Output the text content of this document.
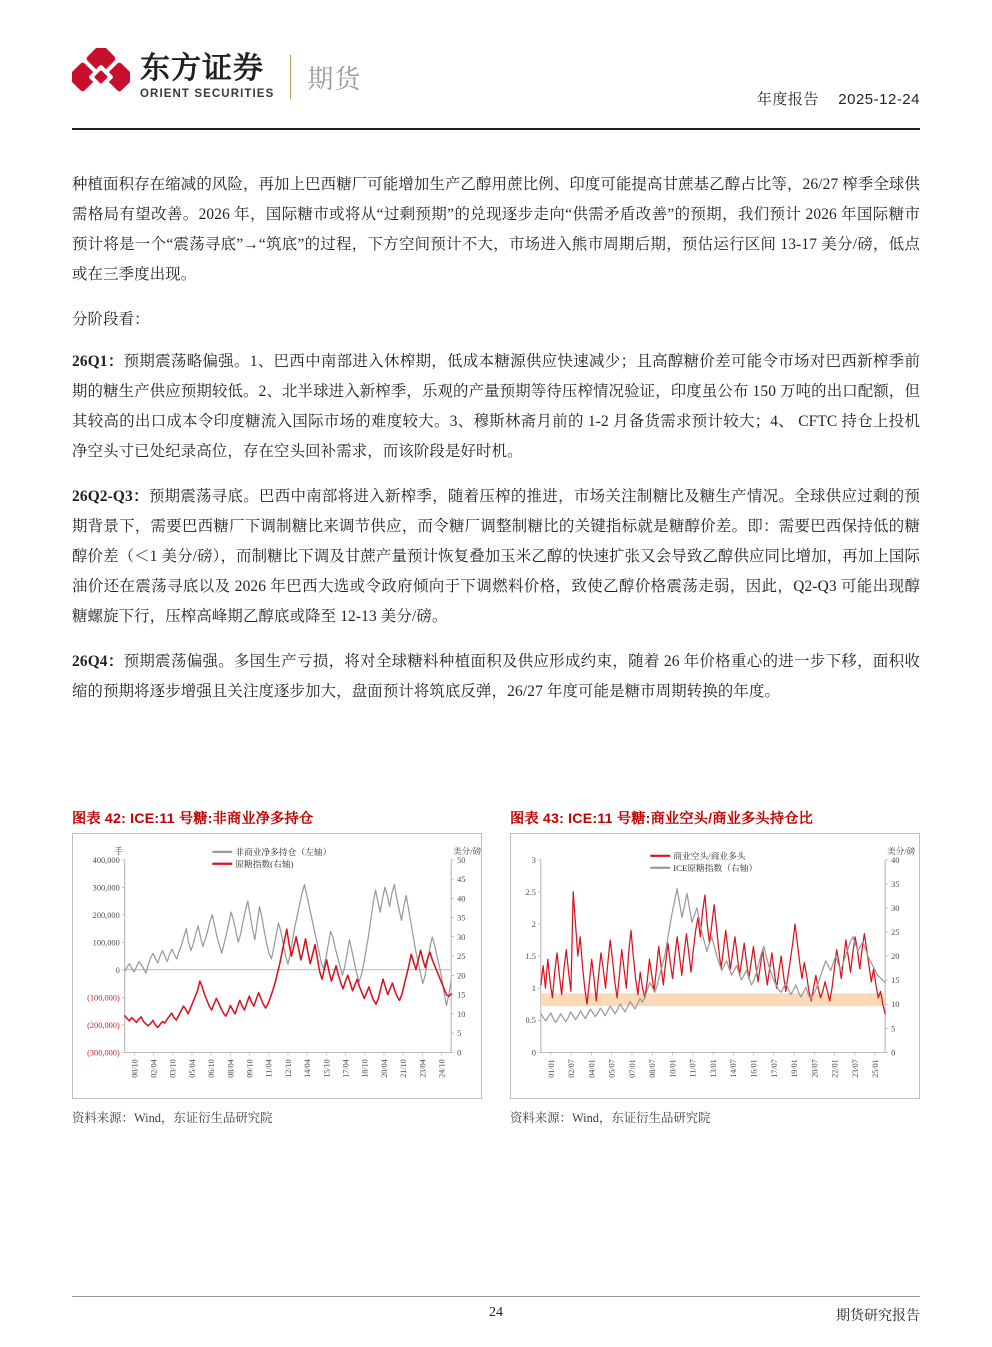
东方证券
ORIENT SECURITIES
期货
年度报告 2025-12-24

种植面积存在缩减的风险，再加上巴西糖厂可能增加生产乙醇用蔗比例、印度可能提高甘蔗基乙醇占比等，26/27 榨季全球供需格局有望改善。2026 年，国际糖市或将从“过剩预期”的兑现逐步走向“供需矛盾改善”的预期，我们预计 2026 年国际糖市预计将是一个“震荡寻底”→“筑底”的过程，下方空间预计不大，市场进入熊市周期后期，预估运行区间 13-17 美分/磅，低点或在三季度出现。

分阶段看：

26Q1：预期震荡略偏强。1、巴西中南部进入休榨期，低成本糖源供应快速减少；且高醇糖价差可能令市场对巴西新榨季前期的糖生产供应预期较低。2、北半球进入新榨季，乐观的产量预期等待压榨情况验证，印度虽公布 150 万吨的出口配额，但其较高的出口成本令印度糖流入国际市场的难度较大。3、穆斯林斋月前的 1-2 月备货需求预计较大；4、 CFTC 持仓上投机净空头寸已处纪录高位，存在空头回补需求，而该阶段是好时机。

26Q2-Q3：预期震荡寻底。巴西中南部将进入新榨季，随着压榨的推进，市场关注制糖比及糖生产情况。全球供应过剩的预期背景下，需要巴西糖厂下调制糖比来调节供应，而令糖厂调整制糖比的关键指标就是糖醇价差。即：需要巴西保持低的糖醇价差（＜1 美分/磅），而制糖比下调及甘蔗产量预计恢复叠加玉米乙醇的快速扩张又会导致乙醇供应同比增加，再加上国际油价还在震荡寻底以及 2026 年巴西大选或令政府倾向于下调燃料价格，致使乙醇价格震荡走弱，因此，Q2-Q3 可能出现醇糖螺旋下行，压榨高峰期乙醇底或降至 12-13 美分/磅。

26Q4：预期震荡偏强。多国生产亏损，将对全球糖料种植面积及供应形成约束，随着 26 年价格重心的进一步下移，面积收缩的预期将逐步增强且关注度逐步加大，盘面预计将筑底反弹，26/27 年度可能是糖市周期转换的年度。

图表 42: ICE:11 号糖:非商业净多持仓
400,000
300,000
200,000
100,000
0
(100,000)
(200,000)
(300,000)
50
45
40
35
30
25
20
15
10
5
0
00/10 02/04 03/10 05/04 06/10 08/04 09/10 11/04 12/10 14/04 15/10 17/04 18/10 20/04 21/10 23/04 24/10
手	美分/磅
非商业净多持仓（左轴）
原糖指数(右轴)
资料来源：Wind，东证衍生品研究院
图表 43: ICE:11 号糖:商业空头/商业多头持仓比
3
2.5
2
1.5
1
0.5
0
40
35
30
25
20
15
10
5
0
01/01 02/07 04/01 05/07 07/01 08/07 10/01 11/07 13/01 14/07 16/01 17/07 19/01 20/07 22/01 23/07 25/01
美分/磅
商业空头/商业多头
ICE原糖指数（右轴）
资料来源：Wind，东证衍生品研究院
24	期货研究报告
